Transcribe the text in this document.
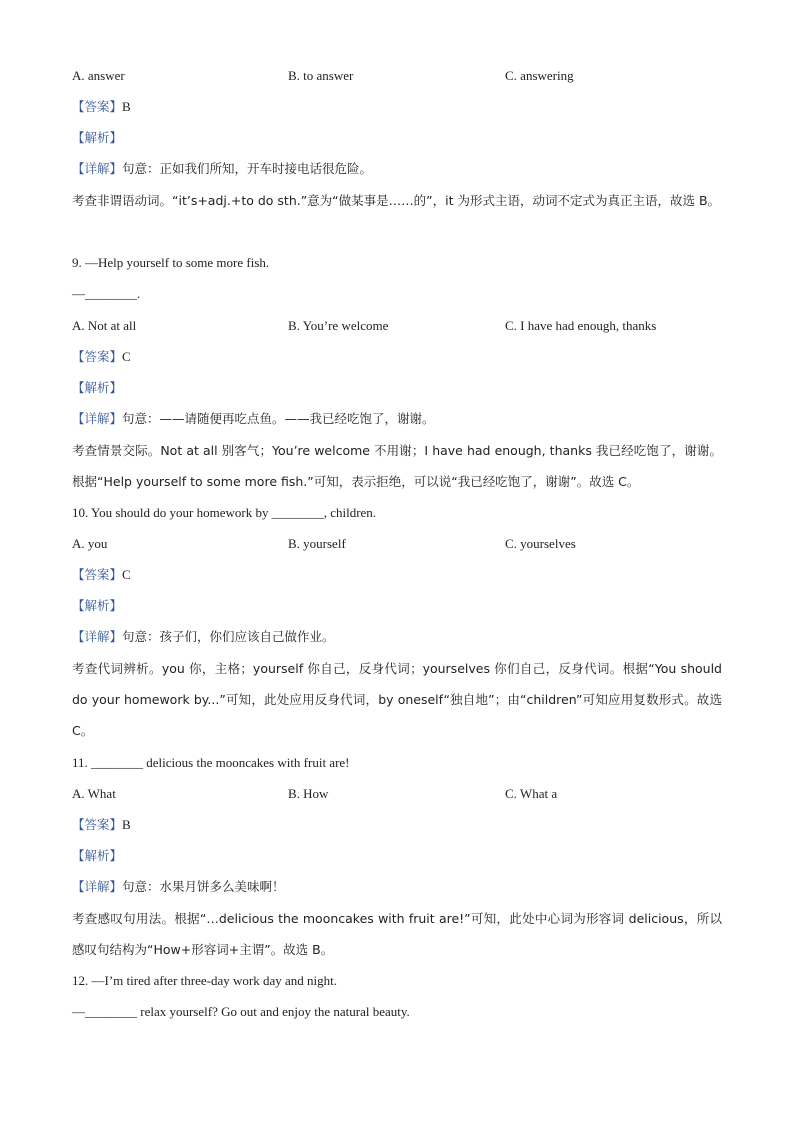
A. answer	B. to answer	C. answering
【答案】B
【解析】
【详解】句意：正如我们所知，开车时接电话很危险。
考查非谓语动词。“it’s+adj.+to do sth.”意为“做某事是……的”，it 为形式主语，动词不定式为真正主语，故选 B。
9. —Help yourself to some more fish.
—________.
A. Not at all	B. You’re welcome	C. I have had enough, thanks
【答案】C
【解析】
【详解】句意：——请随便再吃点鱼。——我已经吃饱了，谢谢。
考查情景交际。Not at all 别客气；You’re welcome 不用谢；I have had enough, thanks 我已经吃饱了，谢谢。根据“Help yourself to some more fish.”可知，表示拒绝，可以说“我已经吃饱了，谢谢”。故选 C。
10. You should do your homework by ________, children.
A. you	B. yourself	C. yourselves
【答案】C
【解析】
【详解】句意：孩子们，你们应该自己做作业。
考查代词辨析。you 你，主格；yourself 你自己，反身代词；yourselves 你们自己，反身代词。根据“You should do your homework by...”可知，此处应用反身代词，by oneself“独自地”；由“children”可知应用复数形式。故选 C。
11. ________ delicious the mooncakes with fruit are!
A. What	B. How	C. What a
【答案】B
【解析】
【详解】句意：水果月饼多么美味啊！
考查感叹句用法。根据“…delicious the mooncakes with fruit are!”可知，此处中心词为形容词 delicious，所以感叹句结构为“How+形容词+主谓”。故选 B。
12. —I’m tired after three-day work day and night.
—________ relax yourself? Go out and enjoy the natural beauty.
